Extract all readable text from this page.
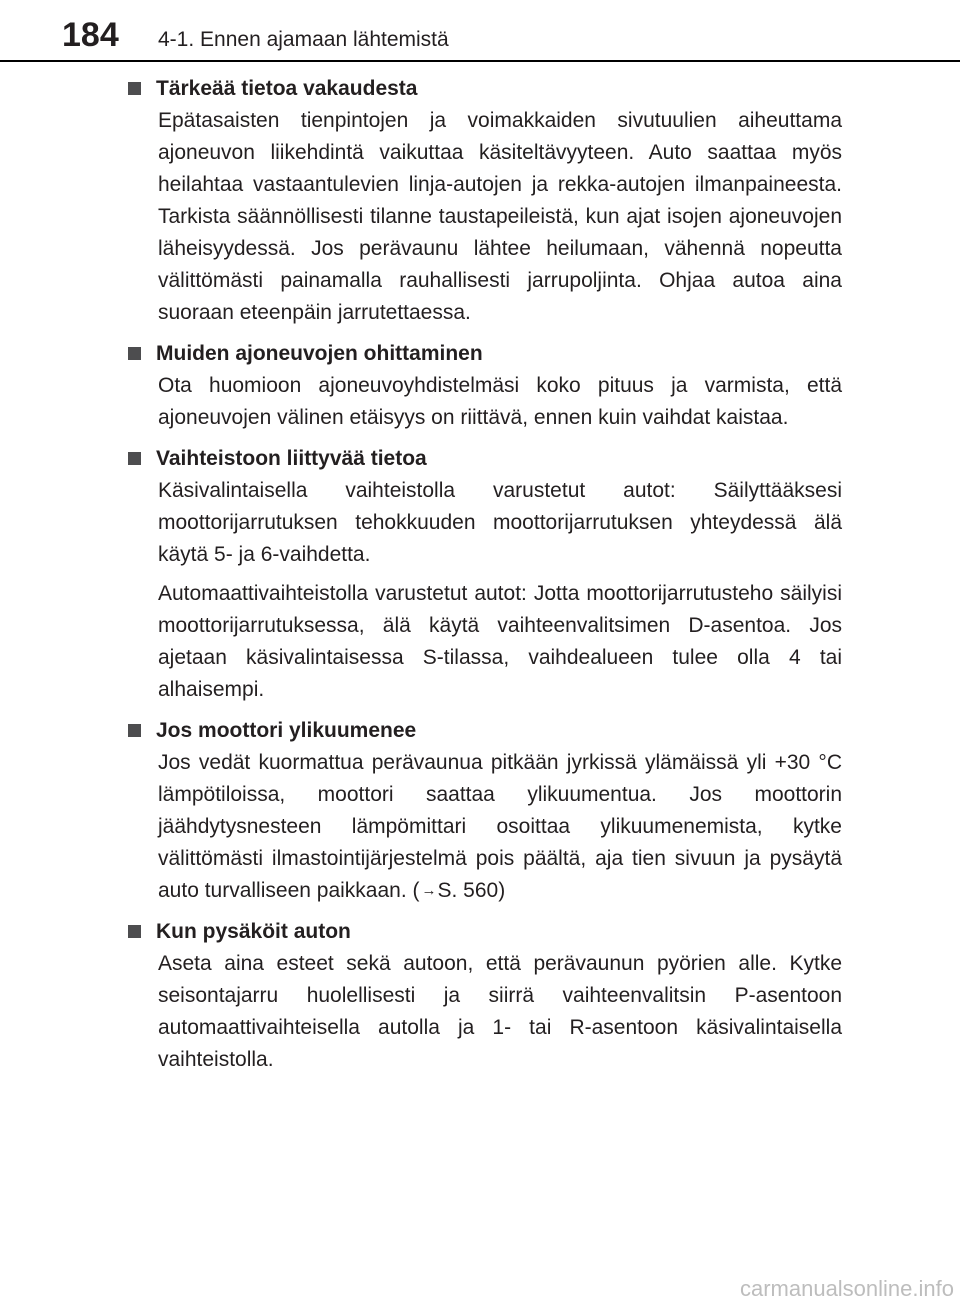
184 4-1. Ennen ajamaan lähtemistä
Tärkeää tietoa vakaudesta

Epätasaisten tienpintojen ja voimakkaiden sivutuulien aiheuttama ajoneuvon liikehdintä vaikuttaa käsiteltävyyteen. Auto saattaa myös heilahtaa vastaantulevien linja-autojen ja rekka-autojen ilmanpaineesta. Tarkista säännöllisesti tilanne taustapeileistä, kun ajat isojen ajoneuvojen läheisyydessä. Jos perävaunu lähtee heilumaan, vähennä nopeutta välittömästi painamalla rauhallisesti jarrupoljinta. Ohjaa autoa aina suoraan eteenpäin jarrutettaessa.

Muiden ajoneuvojen ohittaminen

Ota huomioon ajoneuvoyhdistelmäsi koko pituus ja varmista, että ajoneuvojen välinen etäisyys on riittävä, ennen kuin vaihdat kaistaa.

Vaihteistoon liittyvää tietoa

Käsivalintaisella vaihteistolla varustetut autot: Säilyttääksesi moottorijarrutuksen tehokkuuden moottorijarrutuksen yhteydessä älä käytä 5- ja 6-vaihdetta.

Automaattivaihteistolla varustetut autot: Jotta moottorijarrutusteho säilyisi moottorijarrutuksessa, älä käytä vaihteenvalitsimen D-asentoa. Jos ajetaan käsivalintaisessa S-tilassa, vaihdealueen tulee olla 4 tai alhaisempi.

Jos moottori ylikuumenee

Jos vedät kuormattua perävaunua pitkään jyrkissä ylämäissä yli +30 °C lämpötiloissa, moottori saattaa ylikuumentua. Jos moottorin jäähdytysnesteen lämpömittari osoittaa ylikuumenemista, kytke välittömästi ilmastointijärjestelmä pois päältä, aja tien sivuun ja pysäytä auto turvalliseen paikkaan. ( →S. 560)

Kun pysäköit auton

Aseta aina esteet sekä autoon, että perävaunun pyörien alle. Kytke seisontajarru huolellisesti ja siirrä vaihteenvalitsin P-asentoon automaattivaihteisella autolla ja 1- tai R-asentoon käsivalintaisella vaihteistolla.

carmanualsonline.info
